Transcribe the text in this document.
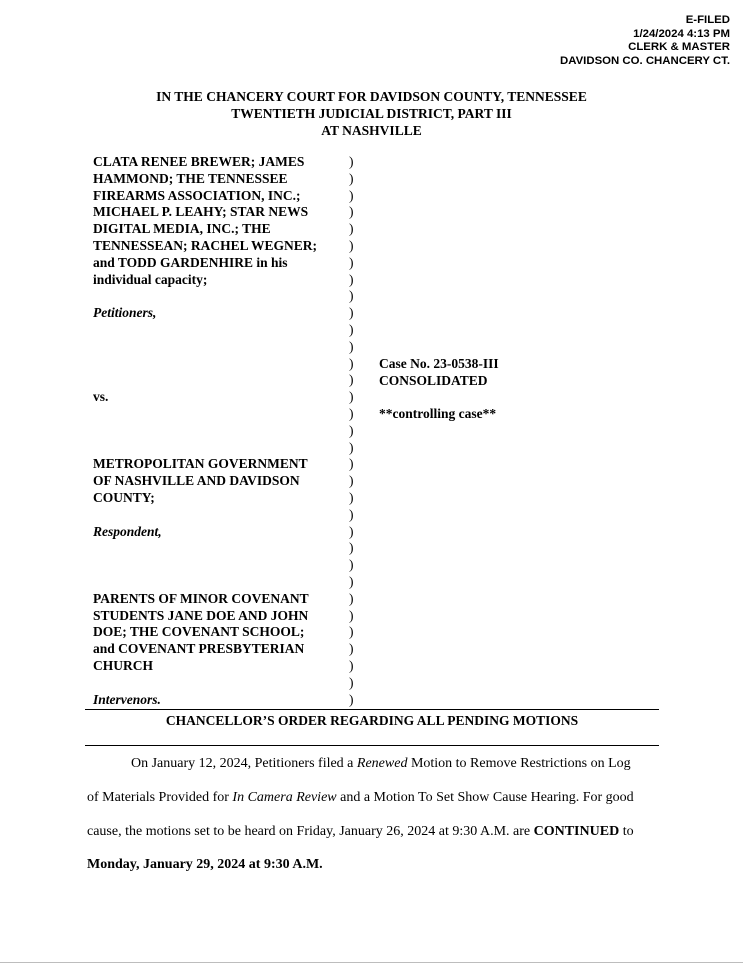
E-FILED
1/24/2024 4:13 PM
CLERK & MASTER
DAVIDSON CO. CHANCERY CT.
IN THE CHANCERY COURT FOR DAVIDSON COUNTY, TENNESSEE
TWENTIETH JUDICIAL DISTRICT, PART III
AT NASHVILLE
CLATA RENEE BREWER; JAMES
HAMMOND; THE TENNESSEE
FIREARMS ASSOCIATION, INC.;
MICHAEL P. LEAHY; STAR NEWS
DIGITAL MEDIA, INC.; THE
TENNESSEAN; RACHEL WEGNER;
and TODD GARDENHIRE in his
individual capacity;
Petitioners,
vs.
METROPOLITAN GOVERNMENT
OF NASHVILLE AND DAVIDSON
COUNTY;
Respondent,
PARENTS OF MINOR COVENANT
STUDENTS JANE DOE AND JOHN
DOE; THE COVENANT SCHOOL;
and COVENANT PRESBYTERIAN
CHURCH
Intervenors.
)
)
)
)
)
)
)
)
)
)
)
)
)
)
)
)
)
)
)
)
)
)
)
)
)
)
)
)
)
)
)
)
)
Case No. 23-0538-III
CONSOLIDATED
**controlling case**
CHANCELLOR’S ORDER REGARDING ALL PENDING MOTIONS
On January 12, 2024, Petitioners filed a Renewed Motion to Remove Restrictions on Log
of Materials Provided for In Camera Review and a Motion To Set Show Cause Hearing. For good
cause, the motions set to be heard on Friday, January 26, 2024 at 9:30 A.M. are CONTINUED to
Monday, January 29, 2024 at 9:30 A.M.
